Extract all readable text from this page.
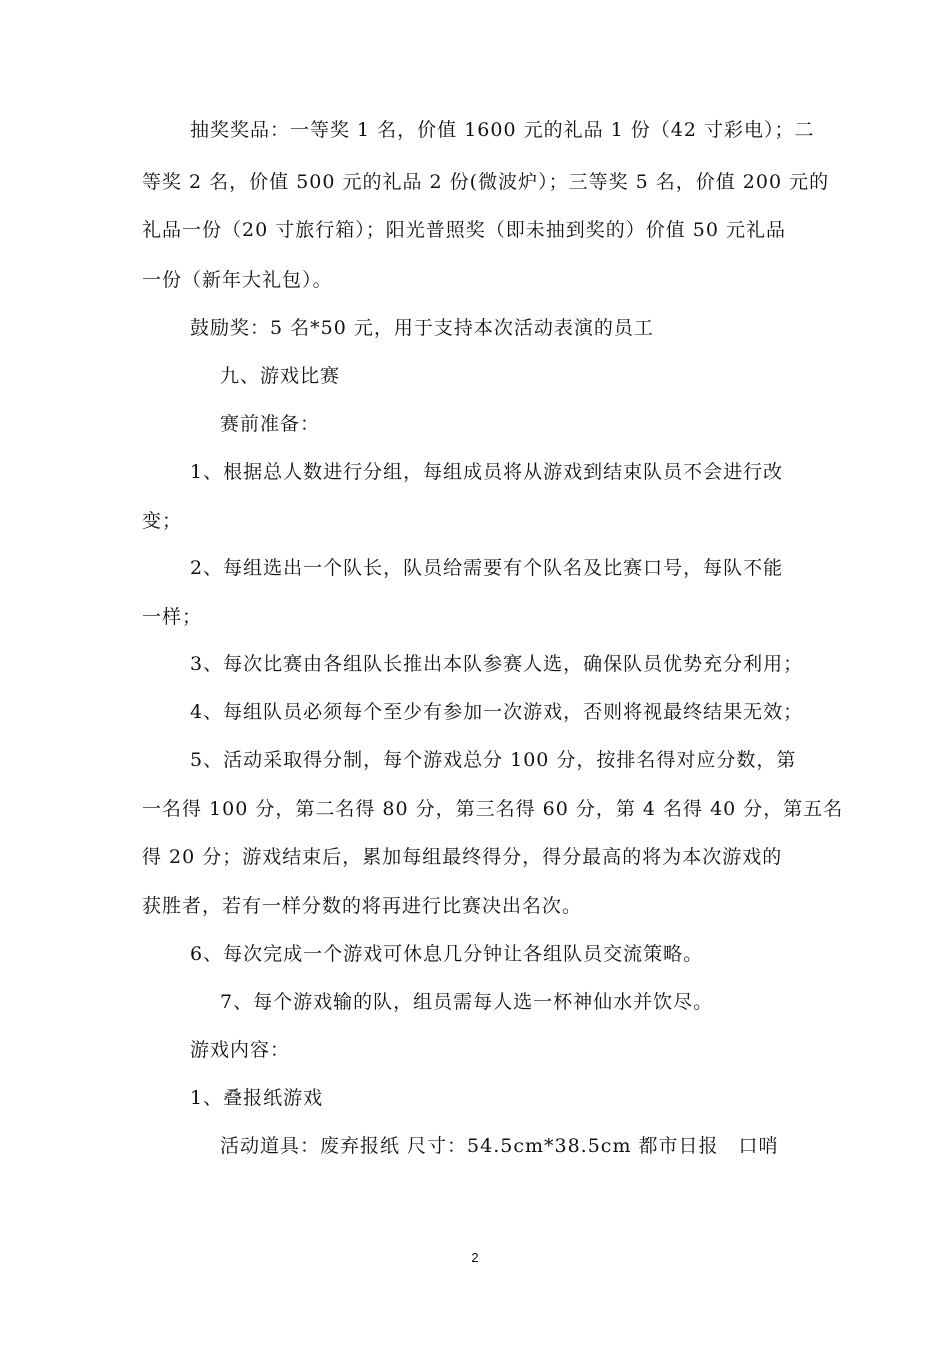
抽奖奖品：一等奖 1 名，价值 1600 元的礼品 1 份（42 寸彩电）；二
等奖 2 名，价值 500 元的礼品 2 份(微波炉）；三等奖 5 名，价值 200 元的
礼品一份（20 寸旅行箱）；阳光普照奖（即未抽到奖的）价值 50 元礼品
一份（新年大礼包）。
鼓励奖：5 名*50 元，用于支持本次活动表演的员工
九、游戏比赛
赛前准备：
1、根据总人数进行分组，每组成员将从游戏到结束队员不会进行改
变；
2、每组选出一个队长，队员给需要有个队名及比赛口号，每队不能
一样；
3、每次比赛由各组队长推出本队参赛人选，确保队员优势充分利用；
4、每组队员必须每个至少有参加一次游戏，否则将视最终结果无效；
5、活动采取得分制，每个游戏总分 100 分，按排名得对应分数，第
一名得 100 分，第二名得 80 分，第三名得 60 分，第 4 名得 40 分，第五名
得 20 分；游戏结束后，累加每组最终得分，得分最高的将为本次游戏的
获胜者，若有一样分数的将再进行比赛决出名次。
6、每次完成一个游戏可休息几分钟让各组队员交流策略。
7、每个游戏输的队，组员需每人选一杯神仙水并饮尽。
游戏内容：
1、叠报纸游戏
活动道具：废弃报纸 尺寸：54.5cm*38.5cm 都市日报　口哨
2
